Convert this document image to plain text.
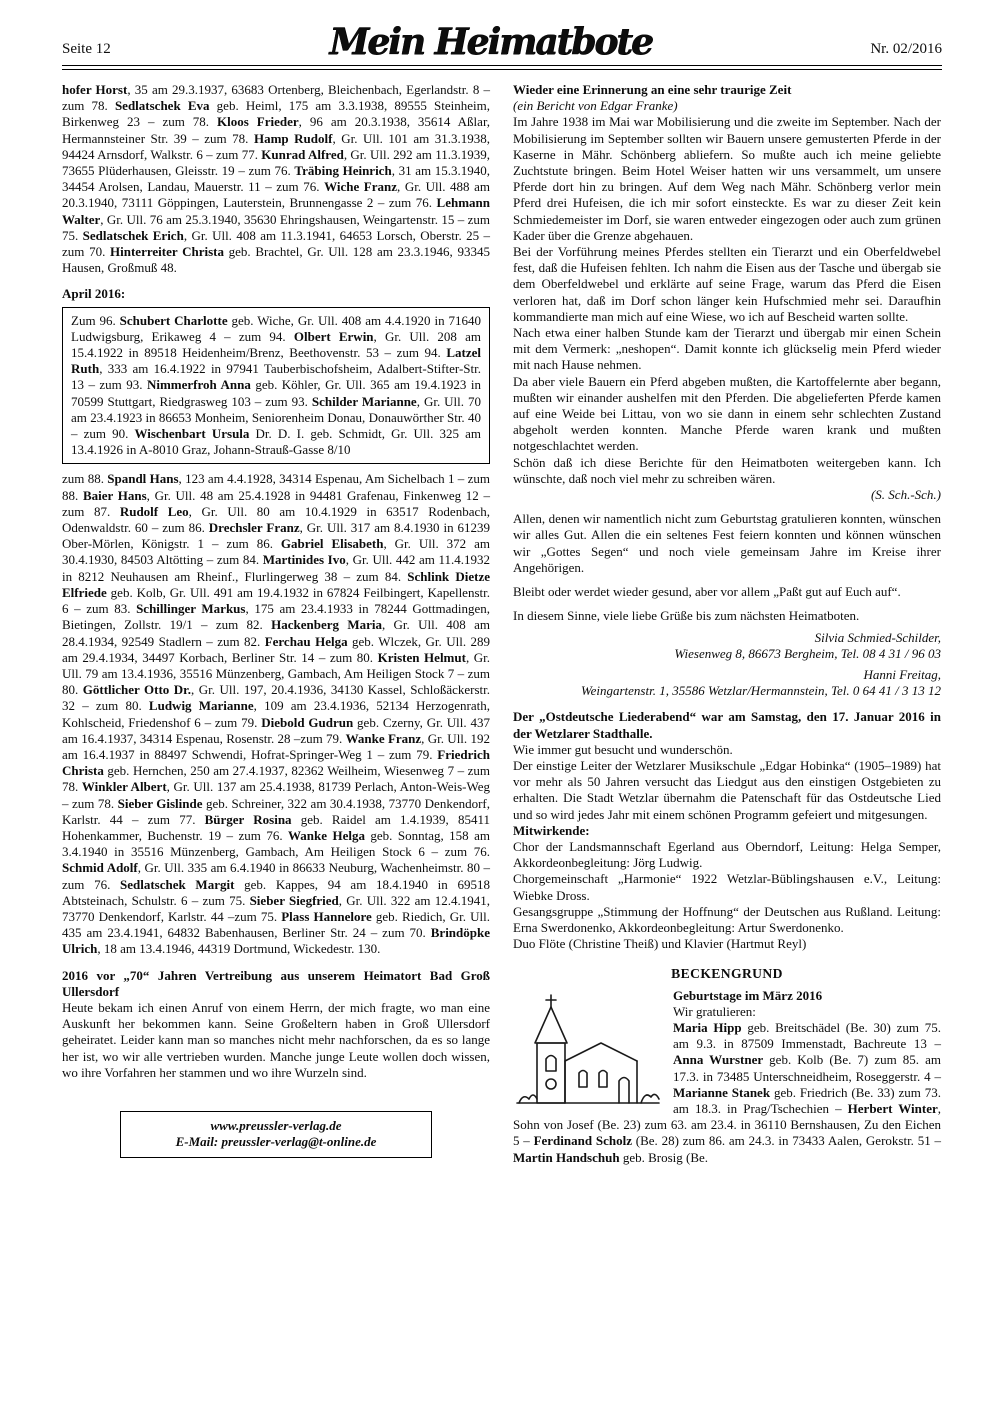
Seite 12	Mein Heimatbote	Nr. 02/2016

hofer Horst, 35 am 29.3.1937, 63683 Ortenberg, Bleichenbach, Egerlandstr. 8 – zum 78. Sedlatschek Eva geb. Heiml, 175 am 3.3.1938, 89555 Steinheim, Birkenweg 23 – zum 78. Kloos Frieder, 96 am 20.3.1938, 35614 Aßlar, Hermannsteiner Str. 39 – zum 78. Hamp Rudolf, Gr. Ull. 101 am 31.3.1938, 94424 Arnsdorf, Walkstr. 6 – zum 77. Kunrad Alfred, Gr. Ull. 292 am 11.3.1939, 73655 Plüderhausen, Gleisstr. 19 – zum 76. Träbing Heinrich, 31 am 15.3.1940, 34454 Arolsen, Landau, Mauerstr. 11 – zum 76. Wiche Franz, Gr. Ull. 488 am 20.3.1940, 73111 Göppingen, Lauterstein, Brunnengasse 2 – zum 76. Lehmann Walter, Gr. Ull. 76 am 25.3.1940, 35630 Ehringshausen, Weingartenstr. 15 – zum 75. Sedlatschek Erich, Gr. Ull. 408 am 11.3.1941, 64653 Lorsch, Oberstr. 25 – zum 70. Hinterreiter Christa geb. Brachtel, Gr. Ull. 128 am 23.3.1946, 93345 Hausen, Großmuß 48.

April 2016:

Zum 96. Schubert Charlotte geb. Wiche, Gr. Ull. 408 am 4.4.1920 in 71640 Ludwigsburg, Erikaweg 4 – zum 94. Olbert Erwin, Gr. Ull. 208 am 15.4.1922 in 89518 Heidenheim/Brenz, Beethovenstr. 53 – zum 94. Latzel Ruth, 333 am 16.4.1922 in 97941 Tauberbischofsheim, Adalbert-Stifter-Str. 13 – zum 93. Nimmerfroh Anna geb. Köhler, Gr. Ull. 365 am 19.4.1923 in 70599 Stuttgart, Riedgrasweg 103 – zum 93. Schilder Marianne, Gr. Ull. 70 am 23.4.1923 in 86653 Monheim, Seniorenheim Donau, Donauwörther Str. 40 – zum 90. Wischenbart Ursula Dr. D. I. geb. Schmidt, Gr. Ull. 325 am 13.4.1926 in A-8010 Graz, Johann-Strauß-Gasse 8/10

zum 88. Spandl Hans, 123 am 4.4.1928, 34314 Espenau, Am Sichelbach 1 – zum 88. Baier Hans, Gr. Ull. 48 am 25.4.1928 in 94481 Grafenau, Finkenweg 12 – zum 87. Rudolf Leo, Gr. Ull. 80 am 10.4.1929 in 63517 Rodenbach, Odenwaldstr. 60 – zum 86. Drechsler Franz, Gr. Ull. 317 am 8.4.1930 in 61239 Ober-Mörlen, Königstr. 1 – zum 86. Gabriel Elisabeth, Gr. Ull. 372 am 30.4.1930, 84503 Altötting – zum 84. Martinides Ivo, Gr. Ull. 442 am 11.4.1932 in 8212 Neuhausen am Rheinf., Flurlingerweg 38 – zum 84. Schlink Dietze Elfriede geb. Kolb, Gr. Ull. 491 am 19.4.1932 in 67824 Feilbingert, Kapellenstr. 6 – zum 83. Schillinger Markus, 175 am 23.4.1933 in 78244 Gottmadingen, Bietingen, Zollstr. 19/1 – zum 82. Hackenberg Maria, Gr. Ull. 408 am 28.4.1934, 92549 Stadlern – zum 82. Ferchau Helga geb. Wlczek, Gr. Ull. 289 am 29.4.1934, 34497 Korbach, Berliner Str. 14 – zum 80. Kristen Helmut, Gr. Ull. 79 am 13.4.1936, 35516 Münzenberg, Gambach, Am Heiligen Stock 7 – zum 80. Göttlicher Otto Dr., Gr. Ull. 197, 20.4.1936, 34130 Kassel, Schloßäckerstr. 32 – zum 80. Ludwig Marianne, 109 am 23.4.1936, 52134 Herzogenrath, Kohlscheid, Friedenshof 6 – zum 79. Diebold Gudrun geb. Czerny, Gr. Ull. 437 am 16.4.1937, 34314 Espenau, Rosenstr. 28 –zum 79. Wanke Franz, Gr. Ull. 192 am 16.4.1937 in 88497 Schwendi, Hofrat-Springer-Weg 1 – zum 79. Friedrich Christa geb. Hernchen, 250 am 27.4.1937, 82362 Weilheim, Wiesenweg 7 – zum 78. Winkler Albert, Gr. Ull. 137 am 25.4.1938, 81739 Perlach, Anton-Weis-Weg – zum 78. Sieber Gislinde geb. Schreiner, 322 am 30.4.1938, 73770 Denkendorf, Karlstr. 44 – zum 77. Bürger Rosina geb. Raidel am 1.4.1939, 85411 Hohenkammer, Buchenstr. 19 – zum 76. Wanke Helga geb. Sonntag, 158 am 3.4.1940 in 35516 Münzenberg, Gambach, Am Heiligen Stock 6 – zum 76. Schmid Adolf, Gr. Ull. 335 am 6.4.1940 in 86633 Neuburg, Wachenheimstr. 80 – zum 76. Sedlatschek Margit geb. Kappes, 94 am 18.4.1940 in 69518 Abtsteinach, Schulstr. 6 – zum 75. Sieber Siegfried, Gr. Ull. 322 am 12.4.1941, 73770 Denkendorf, Karlstr. 44 –zum 75. Plass Hannelore geb. Riedich, Gr. Ull. 435 am 23.4.1941, 64832 Babenhausen, Berliner Str. 24 – zum 70. Brindöpke Ulrich, 18 am 13.4.1946, 44319 Dortmund, Wickedestr. 130.

2016 vor „70“ Jahren Vertreibung aus unserem Heimatort Bad Groß Ullersdorf

Heute bekam ich einen Anruf von einem Herrn, der mich fragte, wo man eine Auskunft her bekommen kann. Seine Großeltern haben in Groß Ullersdorf geheiratet. Leider kann man so manches nicht mehr nachforschen, da es so lange her ist, wo wir alle vertrieben wurden. Manche junge Leute wollen doch wissen, wo ihre Vorfahren her stammen und wo ihre Wurzeln sind.

www.preussler-verlag.de
E-Mail: preussler-verlag@t-online.de
Wieder eine Erinnerung an eine sehr traurige Zeit

(ein Bericht von Edgar Franke)

Im Jahre 1938 im Mai war Mobilisierung und die zweite im September. Nach der Mobilisierung im September sollten wir Bauern unsere gemusterten Pferde in der Kaserne in Mähr. Schönberg abliefern. So mußte auch ich meine geliebte Zuchtstute bringen. Beim Hotel Weiser hatten wir uns versammelt, um unsere Pferde dort hin zu bringen. Auf dem Weg nach Mähr. Schönberg verlor mein Pferd drei Hufeisen, die ich mir sofort einsteckte. Es war zu dieser Zeit kein Schmiedemeister im Dorf, sie waren entweder eingezogen oder auch zum grünen Kader über die Grenze abgehauen.

Bei der Vorführung meines Pferdes stellten ein Tierarzt und ein Oberfeldwebel fest, daß die Hufeisen fehlten. Ich nahm die Eisen aus der Tasche und übergab sie dem Oberfeldwebel und erklärte auf seine Frage, warum das Pferd die Eisen verloren hat, daß im Dorf schon länger kein Hufschmied mehr sei. Daraufhin kommandierte man mich auf eine Wiese, wo ich auf Bescheid warten sollte.

Nach etwa einer halben Stunde kam der Tierarzt und übergab mir einen Schein mit dem Vermerk: „neshopen“. Damit konnte ich glückselig mein Pferd wieder mit nach Hause nehmen.

Da aber viele Bauern ein Pferd abgeben mußten, die Kartoffelernte aber begann, mußten wir einander aushelfen mit den Pferden. Die abgelieferten Pferde kamen auf eine Weide bei Littau, von wo sie dann in einem sehr schlechten Zustand abgeholt werden konnten. Manche Pferde waren krank und mußten notgeschlachtet werden.

Schön daß ich diese Berichte für den Heimatboten weitergeben kann. Ich wünschte, daß noch viel mehr zu schreiben wären.

(S. Sch.-Sch.)

Allen, denen wir namentlich nicht zum Geburtstag gratulieren konnten, wünschen wir alles Gut. Allen die ein seltenes Fest feiern konnten und können wünschen wir „Gottes Segen“ und noch viele gemeinsam Jahre im Kreise ihrer Angehörigen.

Bleibt oder werdet wieder gesund, aber vor allem „Paßt gut auf Euch auf“.

In diesem Sinne, viele liebe Grüße bis zum nächsten Heimatboten.

Silvia Schmied-Schilder,
Wiesenweg 8, 86673 Bergheim, Tel. 08 4 31 / 96 03
Hanni Freitag,
Weingartenstr. 1, 35586 Wetzlar/Hermannstein, Tel. 0 64 41 / 3 13 12
Der „Ostdeutsche Liederabend“ war am Samstag, den 17. Januar 2016 in der Wetzlarer Stadthalle.

Wie immer gut besucht und wunderschön.

Der einstige Leiter der Wetzlarer Musikschule „Edgar Hobinka“ (1905–1989) hat vor mehr als 50 Jahren versucht das Liedgut aus den einstigen Ostgebieten zu erhalten. Die Stadt Wetzlar übernahm die Patenschaft für das Ostdeutsche Lied und so wird jedes Jahr mit einem schönen Programm gefeiert und mitgesungen.

Mitwirkende:

Chor der Landsmannschaft Egerland aus Oberndorf, Leitung: Helga Semper, Akkordeonbegleitung: Jörg Ludwig.

Chorgemeinschaft „Harmonie“ 1922 Wetzlar-Büblingshausen e.V., Leitung: Wiebke Dross.

Gesangsgruppe „Stimmung der Hoffnung“ der Deutschen aus Rußland. Leitung: Erna Swerdonenko, Akkordeonbegleitung: Artur Swerdonenko.

Duo Flöte (Christine Theiß) und Klavier (Hartmut Reyl)

BECKENGRUND

Geburtstage im März 2016

Wir gratulieren:

Maria Hipp geb. Breitschädel (Be. 30) zum 75. am 9.3. in 87509 Immenstadt, Bachreute 13 – Anna Wurstner geb. Kolb (Be. 7) zum 85. am 17.3. in 73485 Unterschneidheim, Roseggerstr. 4 – Marianne Stanek geb. Friedrich (Be. 33) zum 73. am 18.3. in Prag/Tschechien – Herbert Winter, Sohn von Josef (Be. 23) zum 63. am 23.4. in 36110 Bernshausen, Zu den Eichen 5 – Ferdinand Scholz (Be. 28) zum 86. am 24.3. in 73433 Aalen, Gerokstr. 51 – Martin Handschuh geb. Brosig (Be.
